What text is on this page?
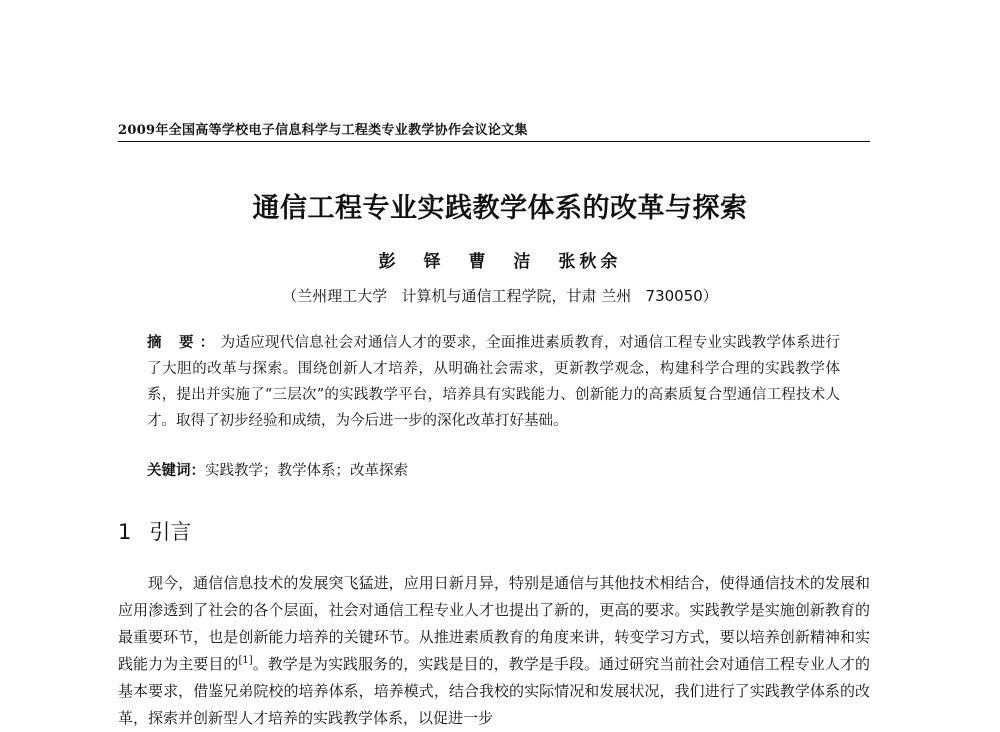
2009年全国高等学校电子信息科学与工程类专业教学协作会议论文集
通信工程专业实践教学体系的改革与探索
彭 铎 曹 洁 张秋余
（兰州理工大学   计算机与通信工程学院，甘肃 兰州   730050）
摘 要：为适应现代信息社会对通信人才的要求，全面推进素质教育，对通信工程专业实践教学体系进行了大胆的改革与探索。围绕创新人才培养，从明确社会需求，更新教学观念，构建科学合理的实践教学体系，提出并实施了“三层次”的实践教学平台，培养具有实践能力、创新能力的高素质复合型通信工程技术人才。取得了初步经验和成绩，为今后进一步的深化改革打好基础。
关键词：实践教学；教学体系；改革探索
1 引言
现今，通信信息技术的发展突飞猛进，应用日新月异，特别是通信与其他技术相结合，使得通信技术的发展和应用渗透到了社会的各个层面，社会对通信工程专业人才也提出了新的，更高的要求。实践教学是实施创新教育的最重要环节，也是创新能力培养的关键环节。从推进素质教育的角度来讲，转变学习方式，要以培养创新精神和实践能力为主要目的[1]。教学是为实践服务的，实践是目的，教学是手段。通过研究当前社会对通信工程专业人才的基本要求，借鉴兄弟院校的培养体系，培养模式，结合我校的实际情况和发展状况，我们进行了实践教学体系的改革，探索并创新型人才培养的实践教学体系，以促进一步
